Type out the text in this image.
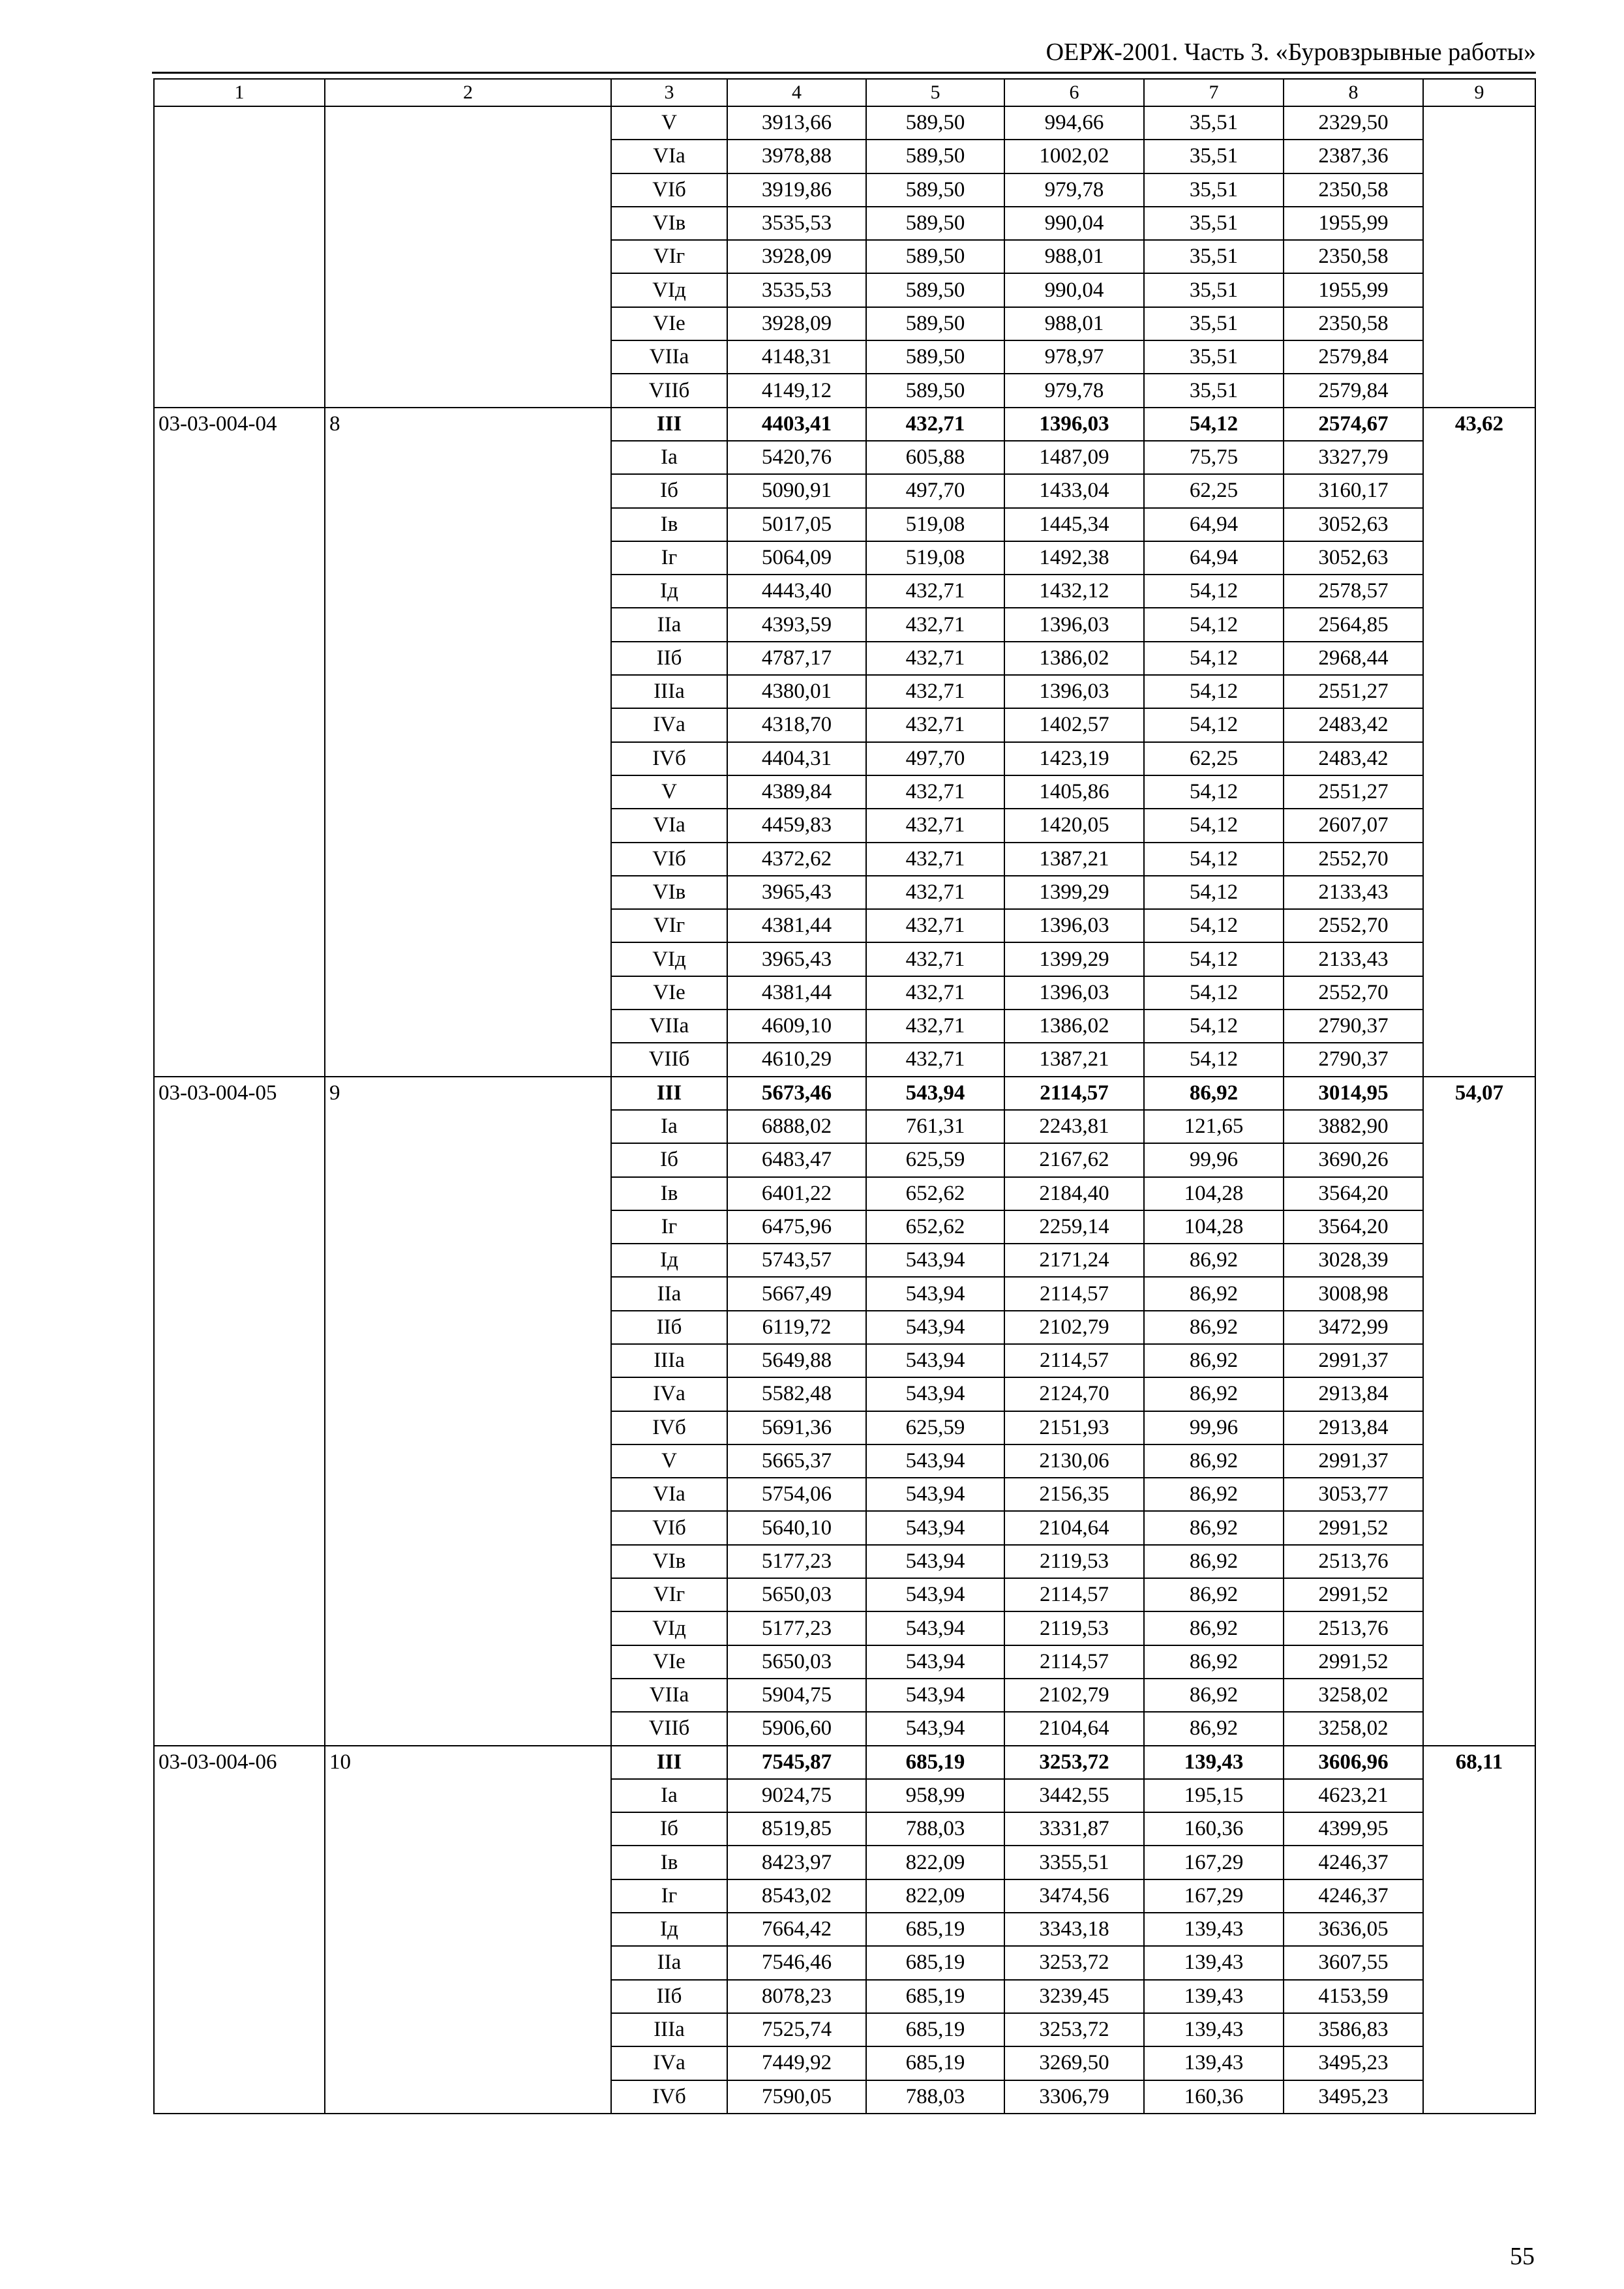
ОЕРЖ-2001. Часть 3. «Буровзрывные работы»
1	2	3	4	5	6	7	8	9
		V	3913,66	589,50	994,66	35,51	2329,50	
		VIа	3978,88	589,50	1002,02	35,51	2387,36	
		VIб	3919,86	589,50	979,78	35,51	2350,58	
		VIв	3535,53	589,50	990,04	35,51	1955,99	
		VIг	3928,09	589,50	988,01	35,51	2350,58	
		VIд	3535,53	589,50	990,04	35,51	1955,99	
		VIе	3928,09	589,50	988,01	35,51	2350,58	
		VIIа	4148,31	589,50	978,97	35,51	2579,84	
		VIIб	4149,12	589,50	979,78	35,51	2579,84	
03-03-004-04	8	III	4403,41	432,71	1396,03	54,12	2574,67	43,62
		Iа	5420,76	605,88	1487,09	75,75	3327,79	
		Iб	5090,91	497,70	1433,04	62,25	3160,17	
		Iв	5017,05	519,08	1445,34	64,94	3052,63	
		Iг	5064,09	519,08	1492,38	64,94	3052,63	
		Iд	4443,40	432,71	1432,12	54,12	2578,57	
		IIа	4393,59	432,71	1396,03	54,12	2564,85	
		IIб	4787,17	432,71	1386,02	54,12	2968,44	
		IIIа	4380,01	432,71	1396,03	54,12	2551,27	
		IVа	4318,70	432,71	1402,57	54,12	2483,42	
		IVб	4404,31	497,70	1423,19	62,25	2483,42	
		V	4389,84	432,71	1405,86	54,12	2551,27	
		VIа	4459,83	432,71	1420,05	54,12	2607,07	
		VIб	4372,62	432,71	1387,21	54,12	2552,70	
		VIв	3965,43	432,71	1399,29	54,12	2133,43	
		VIг	4381,44	432,71	1396,03	54,12	2552,70	
		VIд	3965,43	432,71	1399,29	54,12	2133,43	
		VIе	4381,44	432,71	1396,03	54,12	2552,70	
		VIIа	4609,10	432,71	1386,02	54,12	2790,37	
		VIIб	4610,29	432,71	1387,21	54,12	2790,37	
03-03-004-05	9	III	5673,46	543,94	2114,57	86,92	3014,95	54,07
		Iа	6888,02	761,31	2243,81	121,65	3882,90	
		Iб	6483,47	625,59	2167,62	99,96	3690,26	
		Iв	6401,22	652,62	2184,40	104,28	3564,20	
		Iг	6475,96	652,62	2259,14	104,28	3564,20	
		Iд	5743,57	543,94	2171,24	86,92	3028,39	
		IIа	5667,49	543,94	2114,57	86,92	3008,98	
		IIб	6119,72	543,94	2102,79	86,92	3472,99	
		IIIа	5649,88	543,94	2114,57	86,92	2991,37	
		IVа	5582,48	543,94	2124,70	86,92	2913,84	
		IVб	5691,36	625,59	2151,93	99,96	2913,84	
		V	5665,37	543,94	2130,06	86,92	2991,37	
		VIа	5754,06	543,94	2156,35	86,92	3053,77	
		VIб	5640,10	543,94	2104,64	86,92	2991,52	
		VIв	5177,23	543,94	2119,53	86,92	2513,76	
		VIг	5650,03	543,94	2114,57	86,92	2991,52	
		VIд	5177,23	543,94	2119,53	86,92	2513,76	
		VIе	5650,03	543,94	2114,57	86,92	2991,52	
		VIIа	5904,75	543,94	2102,79	86,92	3258,02	
		VIIб	5906,60	543,94	2104,64	86,92	3258,02	
03-03-004-06	10	III	7545,87	685,19	3253,72	139,43	3606,96	68,11
		Iа	9024,75	958,99	3442,55	195,15	4623,21	
		Iб	8519,85	788,03	3331,87	160,36	4399,95	
		Iв	8423,97	822,09	3355,51	167,29	4246,37	
		Iг	8543,02	822,09	3474,56	167,29	4246,37	
		Iд	7664,42	685,19	3343,18	139,43	3636,05	
		IIа	7546,46	685,19	3253,72	139,43	3607,55	
		IIб	8078,23	685,19	3239,45	139,43	4153,59	
		IIIа	7525,74	685,19	3253,72	139,43	3586,83	
		IVа	7449,92	685,19	3269,50	139,43	3495,23	
		IVб	7590,05	788,03	3306,79	160,36	3495,23	
55
